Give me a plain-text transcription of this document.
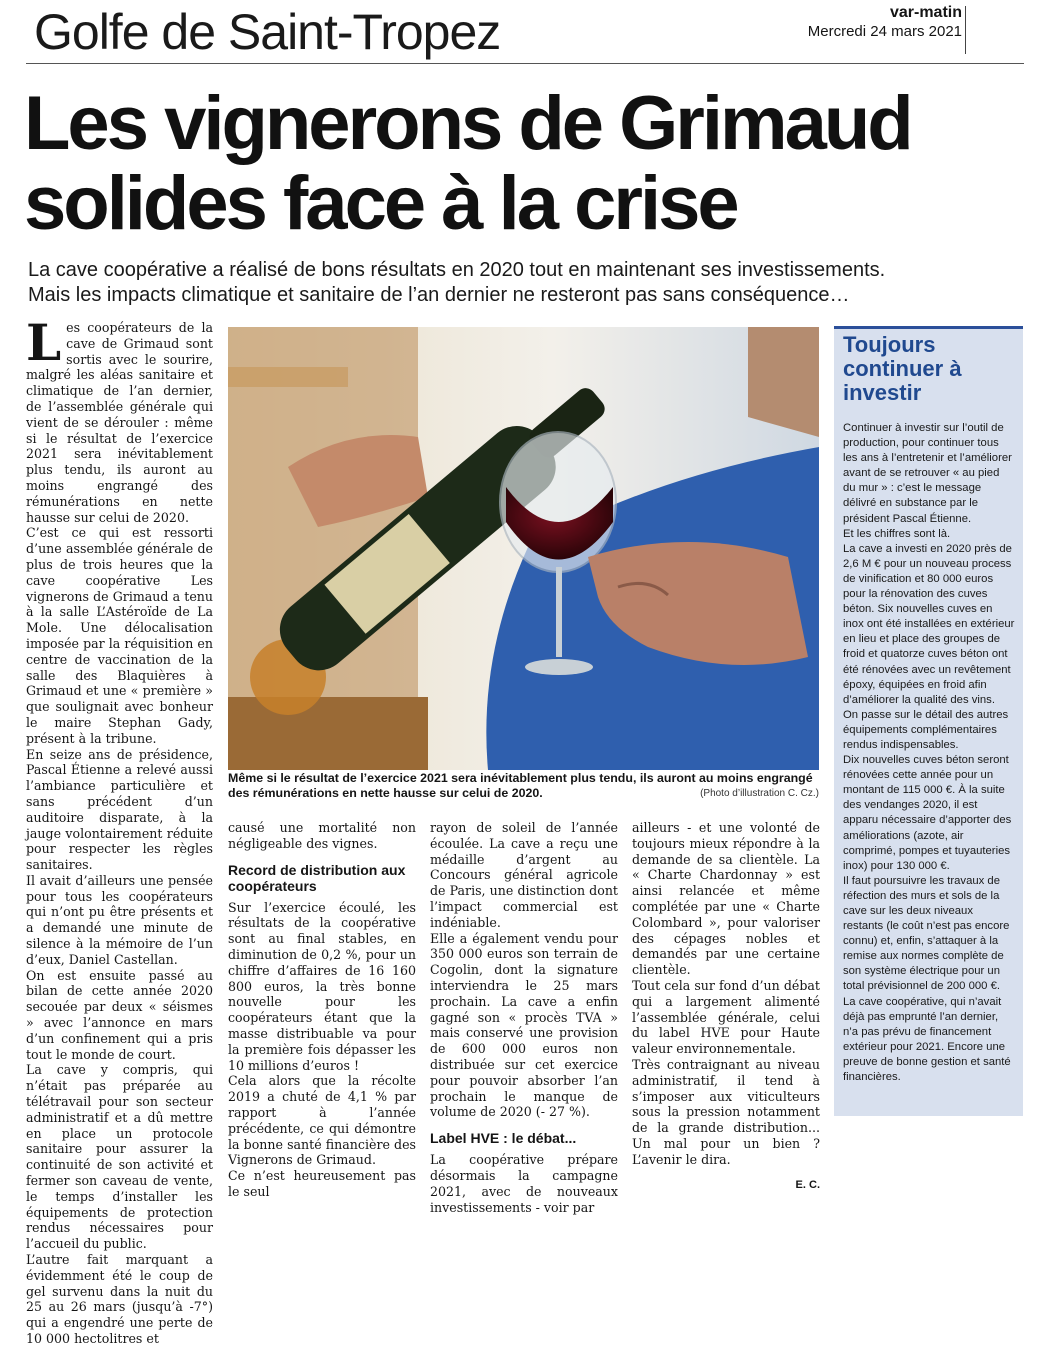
Golfe de Saint-Tropez	var-matin
Mercredi 24 mars 2021
Les vignerons de Grimaud
solides face à la crise
La cave coopérative a réalisé de bons résultats en 2020 tout en maintenant ses investissements.
Mais les impacts climatique et sanitaire de l’an dernier ne resteront pas sans conséquence…

Les coopérateurs de la cave de Grimaud sont sortis avec le sourire, malgré les aléas sanitaire et climatique de l’an dernier, de l’assemblée générale qui vient de se dérouler : même si le résultat de l’exercice 2021 sera inévitablement plus tendu, ils auront au moins engrangé des rémunérations en nette hausse sur celui de 2020.

C’est ce qui est ressorti d’une assemblée générale de plus de trois heures que la cave coopérative Les vignerons de Grimaud a tenu à la salle L’Astéroïde de La Mole. Une délocalisation imposée par la réquisition en centre de vaccination de la salle des Blaquières à Grimaud et une « première » que soulignait avec bonheur le maire Stephan Gady, présent à la tribune.

En seize ans de présidence, Pascal Étienne a relevé aussi l’ambiance particulière et sans précédent d’un auditoire disparate, à la jauge volontairement réduite pour respecter les règles sanitaires.

Il avait d’ailleurs une pensée pour tous les coopérateurs qui n’ont pu être présents et a demandé une minute de silence à la mémoire de l’un d’eux, Daniel Castellan.

On est ensuite passé au bilan de cette année 2020 secouée par deux « séismes » avec l’annonce en mars d’un confinement qui a pris tout le monde de court.

La cave y compris, qui n’était pas préparée au télétravail pour son secteur administratif et a dû mettre en place un protocole sanitaire pour assurer la continuité de son activité et fermer son caveau de vente, le temps d’installer les équipements de protection rendus nécessaires pour l’accueil du public.

L’autre fait marquant a évidemment été le coup de gel survenu dans la nuit du 25 au 26 mars (jusqu’à -7°) qui a engendré une perte de 10 000 hectolitres et

Même si le résultat de l’exercice 2021 sera inévitablement plus tendu, ils auront au moins engrangé des rémunérations en nette hausse sur celui de 2020.	(Photo d’illustration C. Cz.)

causé une mortalité non négligeable des vignes.

Record de distribution aux coopérateurs

Sur l’exercice écoulé, les résultats de la coopérative sont au final stables, en diminution de 0,2 %, pour un chiffre d’affaires de 16 160 800 euros, la très bonne nouvelle pour les coopérateurs étant que la masse distribuable va pour la première fois dépasser les 10 millions d’euros !

Cela alors que la récolte 2019 a chuté de 4,1 % par rapport à l’année précédente, ce qui démontre la bonne santé financière des Vignerons de Grimaud.

Ce n’est heureusement pas le seul

rayon de soleil de l’année écoulée. La cave a reçu une médaille d’argent au Concours général agricole de Paris, une distinction dont l’impact commercial est indéniable.

Elle a également vendu pour 350 000 euros son terrain de Cogolin, dont la signature interviendra le 25 mars prochain. La cave a enfin gagné son « procès TVA » mais conservé une provision de 600 000 euros non distribuée sur cet exercice pour pouvoir absorber l’an prochain le manque de volume de 2020 (- 27 %).

Label HVE : le débat...

La coopérative prépare désormais la campagne 2021, avec de nouveaux investissements - voir par

ailleurs - et une volonté de toujours mieux répondre à la demande de sa clientèle. La « Charte Chardonnay » est ainsi relancée et même complétée par une « Charte Colombard », pour valoriser des cépages nobles et demandés par une certaine clientèle.

Tout cela sur fond d’un débat qui a largement alimenté l’assemblée générale, celui du label HVE pour Haute valeur environnementale.

Très contraignant au niveau administratif, il tend à s’imposer aux viticulteurs sous la pression notamment de la grande distribution... Un mal pour un bien ? L’avenir le dira.

E. C.
Toujours continuer à investir

Continuer à investir sur l’outil de production, pour continuer tous les ans à l’entretenir et l’améliorer avant de se retrouver « au pied du mur » : c’est le message délivré en substance par le président Pascal Étienne.

Et les chiffres sont là.

La cave a investi en 2020 près de 2,6 M € pour un nouveau process de vinification et 80 000 euros pour la rénovation des cuves béton. Six nouvelles cuves en inox ont été installées en extérieur en lieu et place des groupes de froid et quatorze cuves béton ont été rénovées avec un revêtement époxy, équipées en froid afin d’améliorer la qualité des vins.

On passe sur le détail des autres équipements complémentaires rendus indispensables.

Dix nouvelles cuves béton seront rénovées cette année pour un montant de 115 000 €. À la suite des vendanges 2020, il est apparu nécessaire d’apporter des améliorations (azote, air comprimé, pompes et tuyauteries inox) pour 130 000 €.

Il faut poursuivre les travaux de réfection des murs et sols de la cave sur les deux niveaux restants (le coût n’est pas encore connu) et, enfin, s’attaquer à la remise aux normes complète de son système électrique pour un total prévisionnel de 200 000 €.

La cave coopérative, qui n’avait déjà pas emprunté l’an dernier, n’a pas prévu de financement extérieur pour 2021. Encore une preuve de bonne gestion et santé financières.
